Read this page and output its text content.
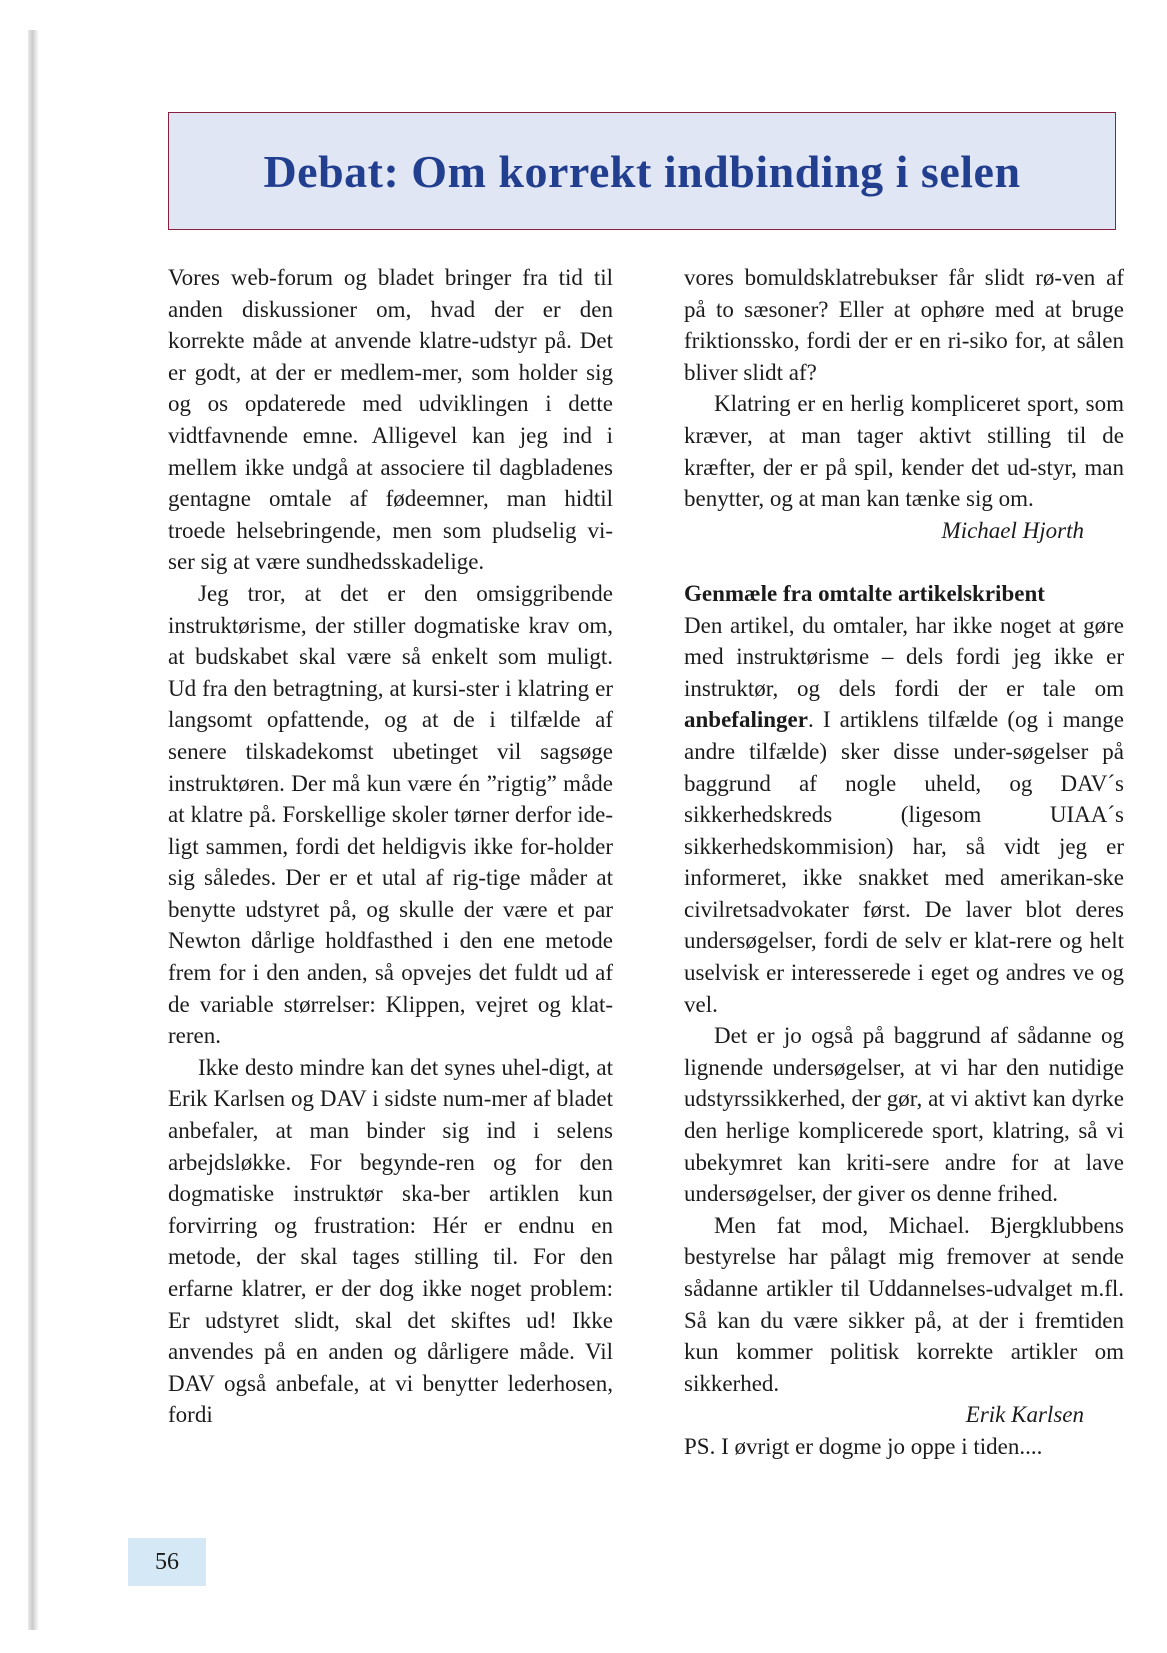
Debat: Om korrekt indbinding i selen

Vores web-forum og bladet bringer fra tid til anden diskussioner om, hvad der er den korrekte måde at anvende klatre-udstyr på. Det er godt, at der er medlem-mer, som holder sig og os opdaterede med udviklingen i dette vidtfavnende emne. Alligevel kan jeg ind i mellem ikke undgå at associere til dagbladenes gentagne omtale af fødeemner, man hidtil troede helsebringende, men som pludselig vi-ser sig at være sundhedsskadelige.

Jeg tror, at det er den omsiggribende instruktørisme, der stiller dogmatiske krav om, at budskabet skal være så enkelt som muligt. Ud fra den betragtning, at kursi-ster i klatring er langsomt opfattende, og at de i tilfælde af senere tilskadekomst ubetinget vil sagsøge instruktøren. Der må kun være én ”rigtig” måde at klatre på. Forskellige skoler tørner derfor ide-ligt sammen, fordi det heldigvis ikke for-holder sig således. Der er et utal af rig-tige måder at benytte udstyret på, og skulle der være et par Newton dårlige holdfasthed i den ene metode frem for i den anden, så opvejes det fuldt ud af de variable størrelser: Klippen, vejret og klat-reren.

Ikke desto mindre kan det synes uhel-digt, at Erik Karlsen og DAV i sidste num-mer af bladet anbefaler, at man binder sig ind i selens arbejdsløkke. For begynde-ren og for den dogmatiske instruktør ska-ber artiklen kun forvirring og frustration: Hér er endnu en metode, der skal tages stilling til. For den erfarne klatrer, er der dog ikke noget problem: Er udstyret slidt, skal det skiftes ud! Ikke anvendes på en anden og dårligere måde. Vil DAV også anbefale, at vi benytter lederhosen, fordi

vores bomuldsklatrebukser får slidt rø-ven af på to sæsoner? Eller at ophøre med at bruge friktionssko, fordi der er en ri-siko for, at sålen bliver slidt af?

Klatring er en herlig kompliceret sport, som kræver, at man tager aktivt stilling til de kræfter, der er på spil, kender det ud-styr, man benytter, og at man kan tænke sig om.

Michael Hjorth

Genmæle fra omtalte artikelskribent

Den artikel, du omtaler, har ikke noget at gøre med instruktørisme – dels fordi jeg ikke er instruktør, og dels fordi der er tale om anbefalinger. I artiklens tilfælde (og i mange andre tilfælde) sker disse under-søgelser på baggrund af nogle uheld, og DAV´s sikkerhedskreds (ligesom UIAA´s sikkerhedskommision) har, så vidt jeg er informeret, ikke snakket med amerikan-ske civilretsadvokater først. De laver blot deres undersøgelser, fordi de selv er klat-rere og helt uselvisk er interesserede i eget og andres ve og vel.

Det er jo også på baggrund af sådanne og lignende undersøgelser, at vi har den nutidige udstyrssikkerhed, der gør, at vi aktivt kan dyrke den herlige komplicerede sport, klatring, så vi ubekymret kan kriti-sere andre for at lave undersøgelser, der giver os denne frihed.

Men fat mod, Michael. Bjergklubbens bestyrelse har pålagt mig fremover at sende sådanne artikler til Uddannelses-udvalget m.fl. Så kan du være sikker på, at der i fremtiden kun kommer politisk korrekte artikler om sikkerhed.

Erik Karlsen

PS. I øvrigt er dogme jo oppe i tiden....

56
